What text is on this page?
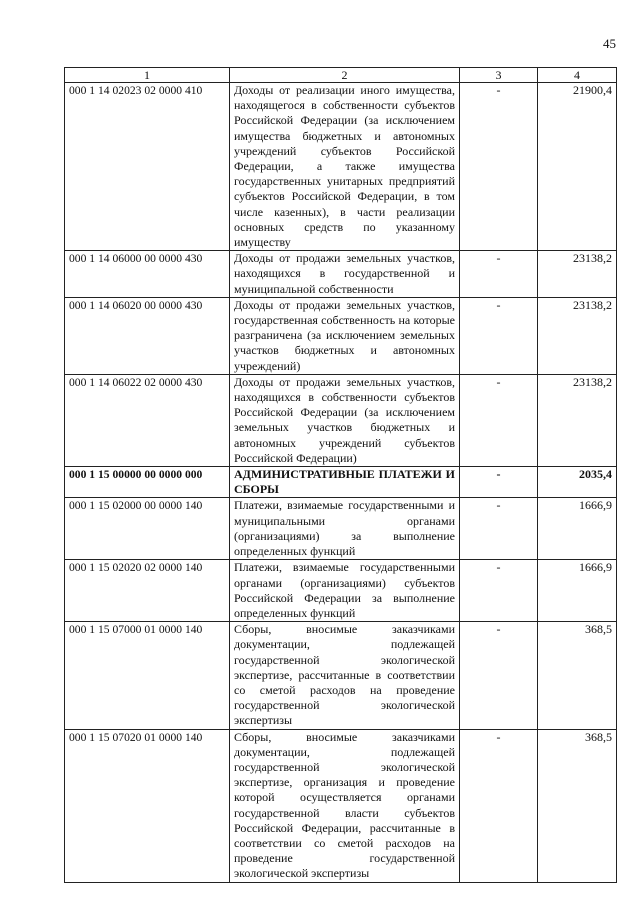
45
1	2	3	4
000 1 14 02023 02 0000 410	Доходы от реализации иного имущества, находящегося в собственности субъектов Российской Федерации (за исключением имущества бюджетных и автономных учреждений субъектов Российской Федерации, а также имущества государственных унитарных предприятий субъектов Российской Федерации, в том числе казенных), в части реализации основных средств по указанному имуществу	-	21900,4
000 1 14 06000 00 0000 430	Доходы от продажи земельных участков, находящихся в государственной и муниципальной собственности	-	23138,2
000 1 14 06020 00 0000 430	Доходы от продажи земельных участков, государственная собственность на которые разграничена (за исключением земельных участков бюджетных и автономных учреждений)	-	23138,2
000 1 14 06022 02 0000 430	Доходы от продажи земельных участков, находящихся в собственности субъектов Российской Федерации (за исключением земельных участков бюджетных и автономных учреждений субъектов Российской Федерации)	-	23138,2
000 1 15 00000 00 0000 000	АДМИНИСТРАТИВНЫЕ ПЛАТЕЖИ И СБОРЫ	-	2035,4
000 1 15 02000 00 0000 140	Платежи, взимаемые государственными и муниципальными органами (организациями) за выполнение определенных функций	-	1666,9
000 1 15 02020 02 0000 140	Платежи, взимаемые государственными органами (организациями) субъектов Российской Федерации за выполнение определенных функций	-	1666,9
000 1 15 07000 01 0000 140	Сборы, вносимые заказчиками документации, подлежащей государственной экологической экспертизе, рассчитанные в соответствии со сметой расходов на проведение государственной экологической экспертизы	-	368,5
000 1 15 07020 01 0000 140	Сборы, вносимые заказчиками документации, подлежащей государственной экологической экспертизе, организация и проведение которой осуществляется органами государственной власти субъектов Российской Федерации, рассчитанные в соответствии со сметой расходов на проведение государственной экологической экспертизы	-	368,5
